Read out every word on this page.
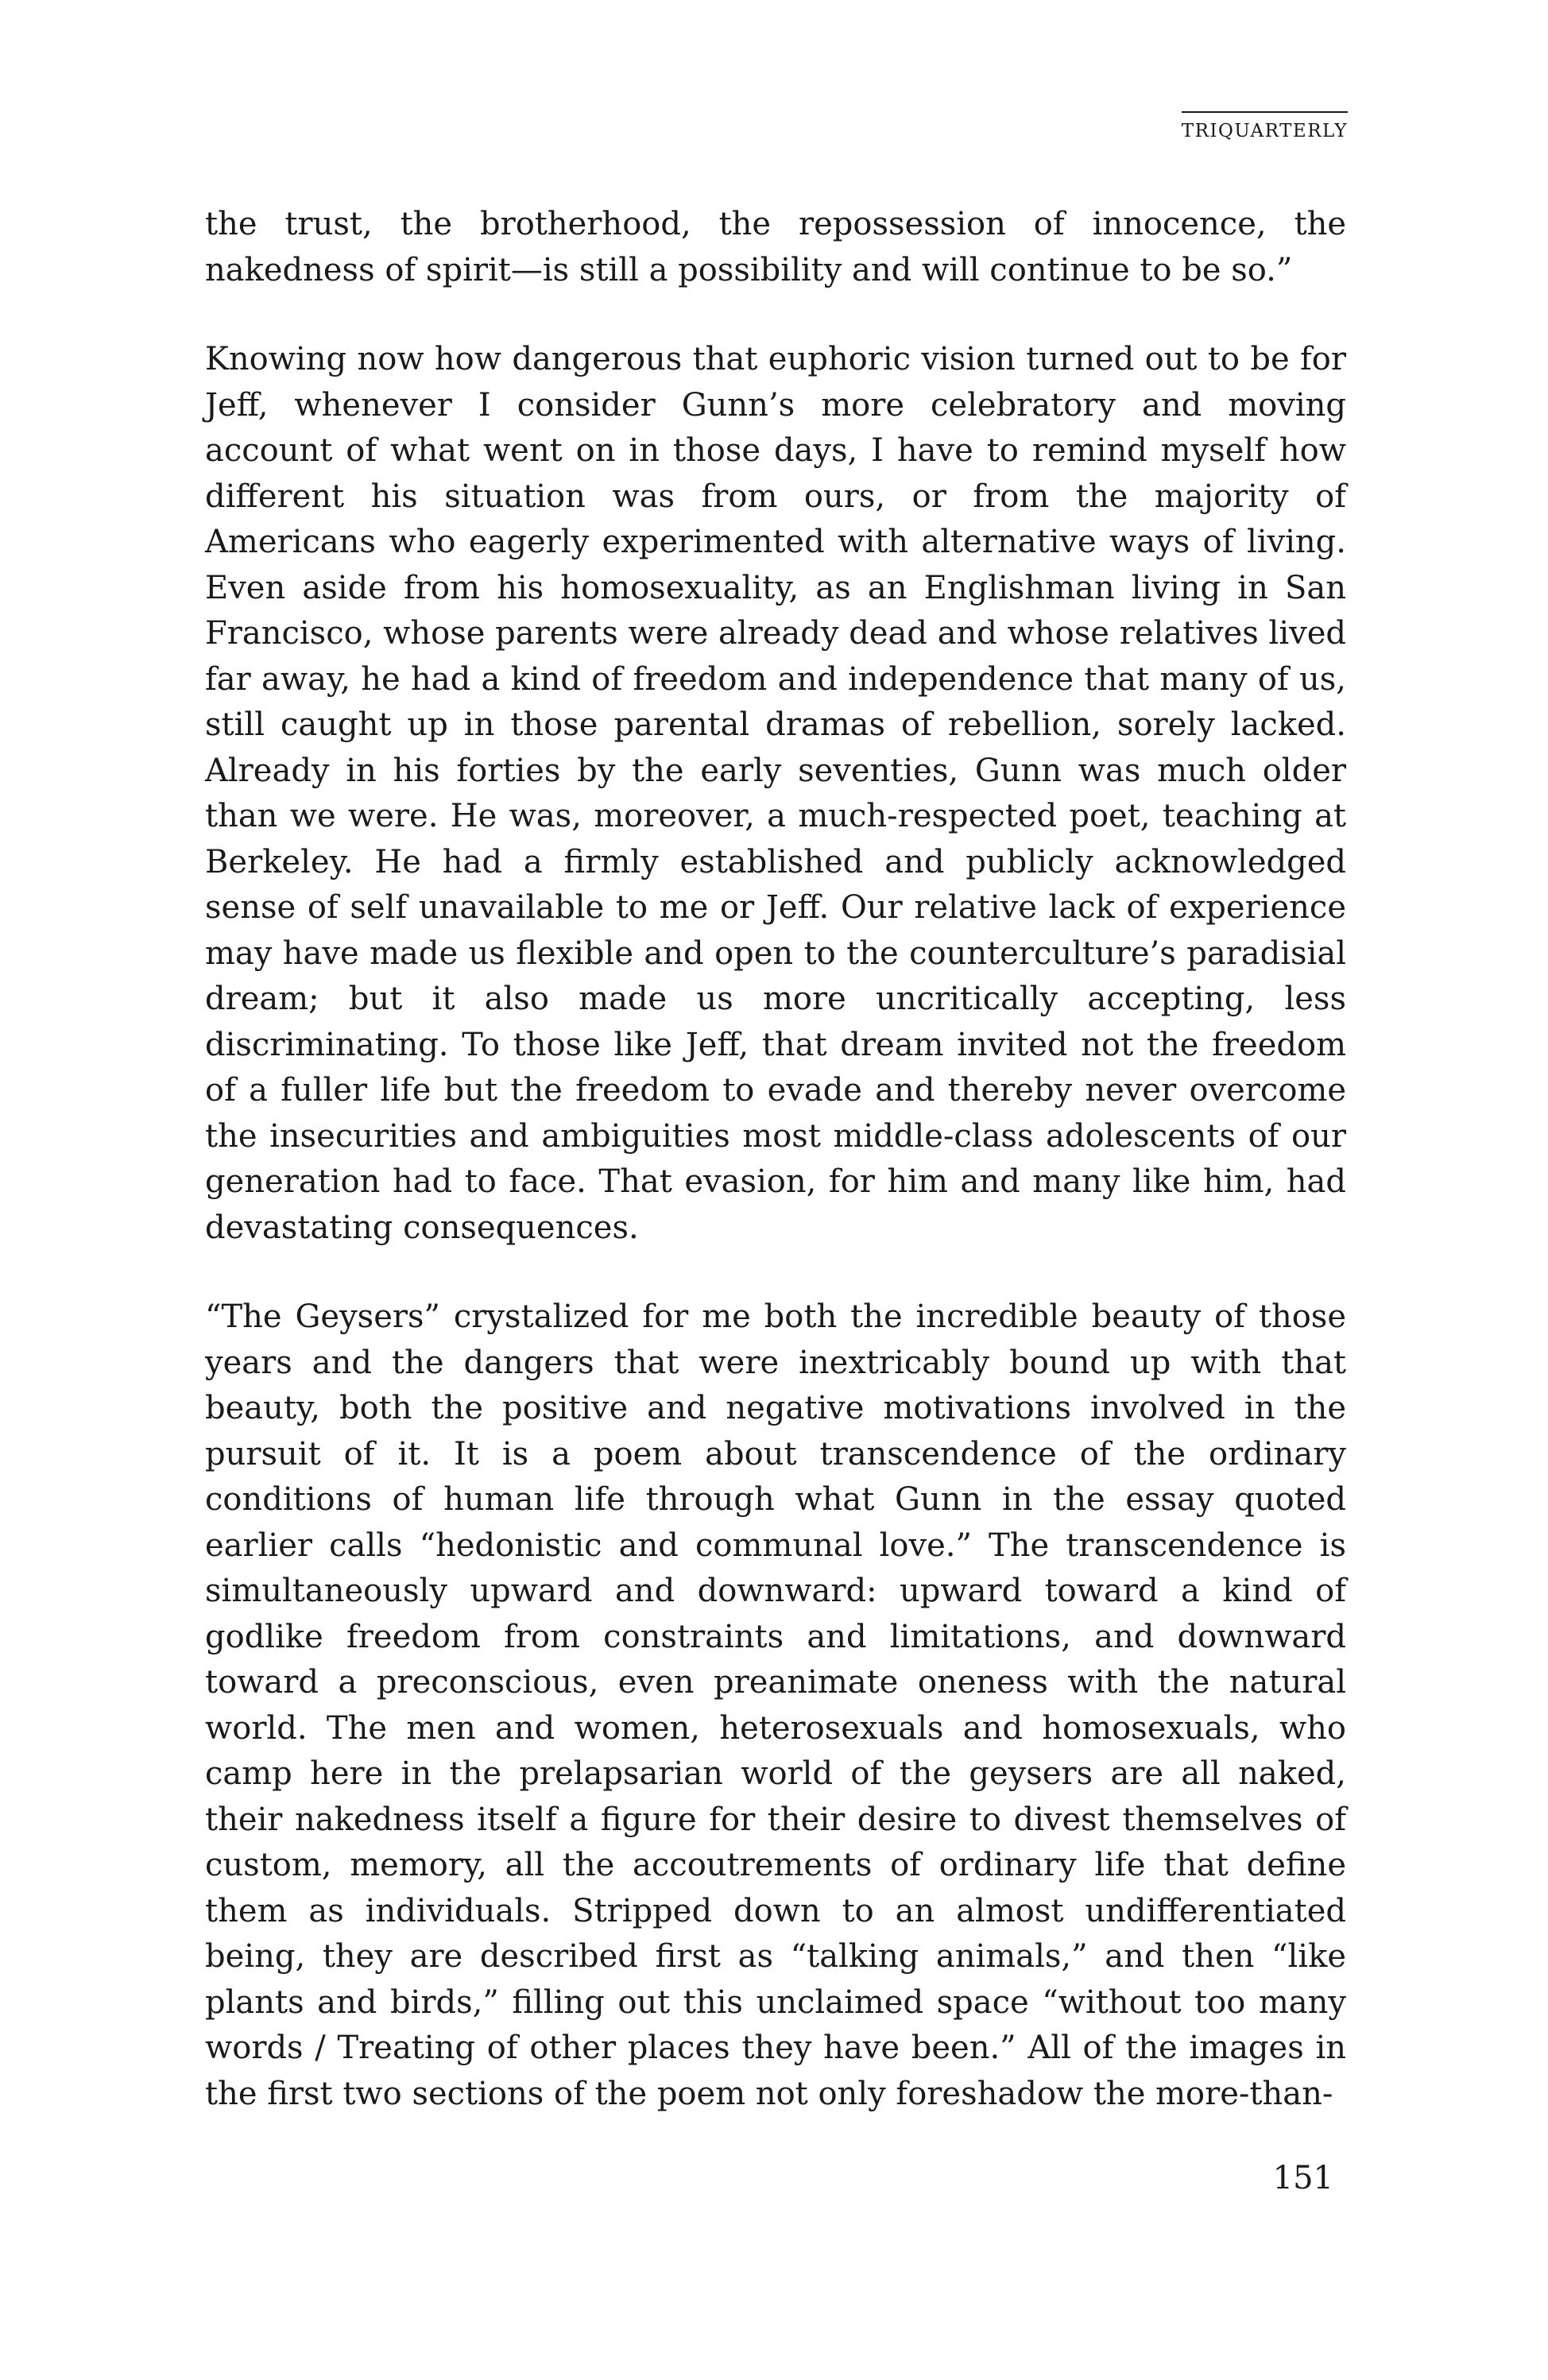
TRIQUARTERLY

the trust, the brotherhood, the repossession of innocence, the nakedness of spirit—is still a possibility and will continue to be so.”

Knowing now how dangerous that euphoric vision turned out to be for Jeff, whenever I consider Gunn’s more celebratory and moving account of what went on in those days, I have to remind myself how different his situation was from ours, or from the majority of Americans who eagerly experimented with alternative ways of living. Even aside from his homosexuality, as an Englishman living in San Francisco, whose parents were already dead and whose relatives lived far away, he had a kind of freedom and independence that many of us, still caught up in those parental dramas of rebellion, sorely lacked. Already in his forties by the early seventies, Gunn was much older than we were. He was, moreover, a much-respected poet, teaching at Berkeley. He had a firmly established and publicly acknowledged sense of self unavailable to me or Jeff. Our relative lack of experience may have made us flexible and open to the counterculture’s paradisial dream; but it also made us more uncritically accepting, less discriminating. To those like Jeff, that dream invited not the freedom of a fuller life but the freedom to evade and thereby never overcome the insecurities and ambiguities most middle-class adolescents of our generation had to face. That evasion, for him and many like him, had devastating consequences.

“The Geysers” crystalized for me both the incredible beauty of those years and the dangers that were inextricably bound up with that beauty, both the positive and negative motivations involved in the pursuit of it. It is a poem about transcendence of the ordinary conditions of human life through what Gunn in the essay quoted earlier calls “hedonistic and communal love.” The transcendence is simultaneously upward and downward: upward toward a kind of godlike freedom from constraints and limitations, and downward toward a preconscious, even preanimate oneness with the natural world. The men and women, heterosexuals and homosexuals, who camp here in the prelapsarian world of the geysers are all naked, their nakedness itself a figure for their desire to divest themselves of custom, memory, all the accoutrements of ordinary life that define them as individuals. Stripped down to an almost undifferentiated being, they are described first as “talking animals,” and then “like plants and birds,” filling out this unclaimed space “without too many words / Treating of other places they have been.” All of the images in the first two sections of the poem not only foreshadow the more-than-

151
